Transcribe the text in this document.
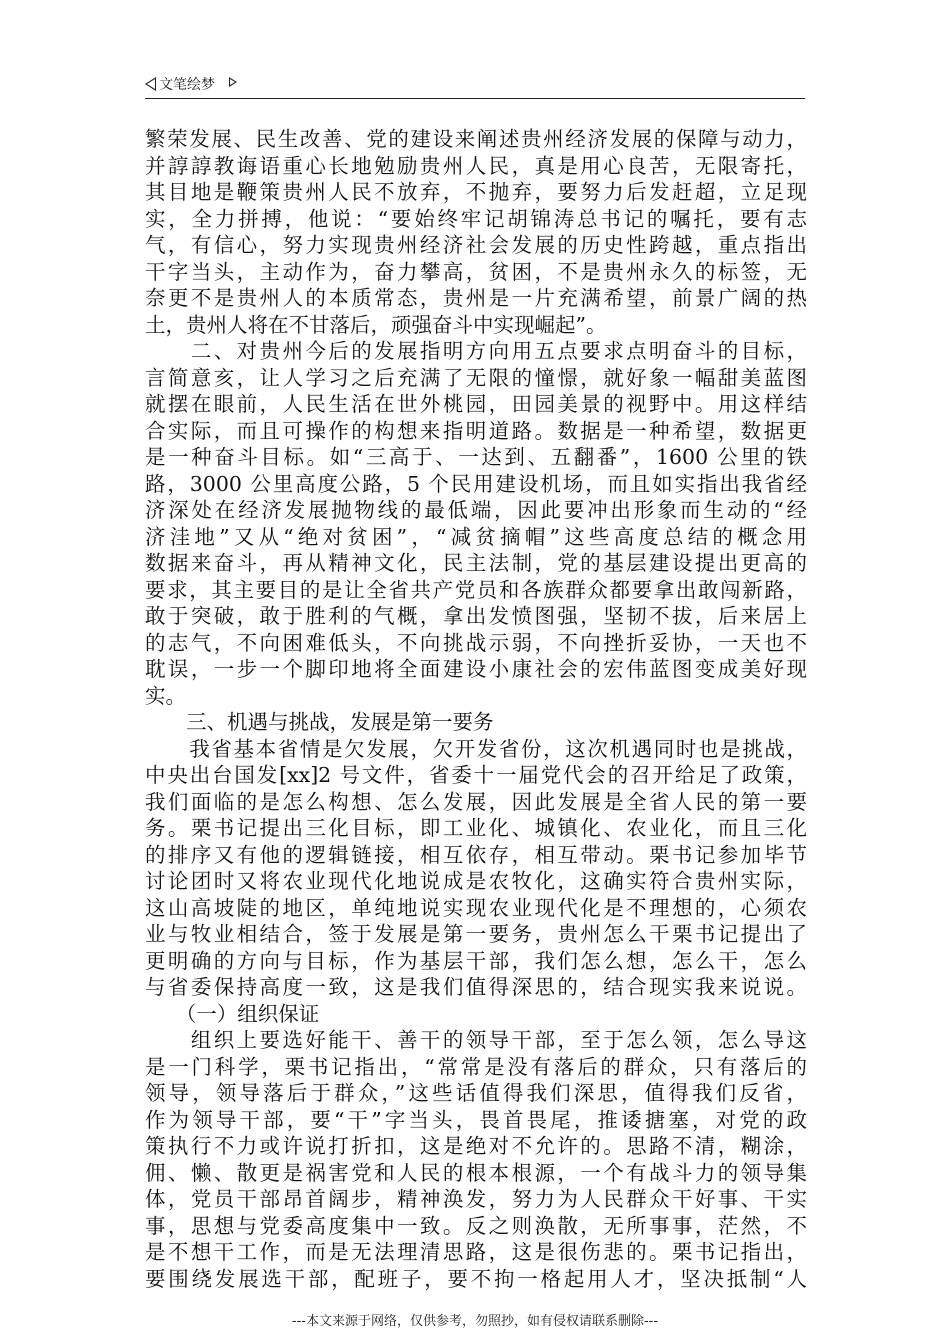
文笔绘梦
繁荣发展、民生改善、党的建设来阐述贵州经济发展的保障与动力，
并諄諄教诲语重心长地勉励贵州人民，真是用心良苦，无限寄托，
其目地是鞭策贵州人民不放弃，不抛弃，要努力后发赶超，立足现
实，全力拼搏，他说：“要始终牢记胡锦涛总书记的嘱托，要有志
气，有信心，努力实现贵州经济社会发展的历史性跨越，重点指出
干字当头，主动作为，奋力攀高，贫困，不是贵州永久的标签，无
奈更不是贵州人的本质常态，贵州是一片充满希望，前景广阔的热
土，贵州人将在不甘落后，顽强奋斗中实现崛起”。
　　二、对贵州今后的发展指明方向用五点要求点明奋斗的目标，
言简意亥，让人学习之后充满了无限的憧憬，就好象一幅甜美蓝图
就摆在眼前，人民生活在世外桃园，田园美景的视野中。用这样结
合实际，而且可操作的构想来指明道路。数据是一种希望，数据更
是一种奋斗目标。如“三高于、一达到、五翻番”，1600 公里的铁
路，3000 公里高度公路，5 个民用建设机场，而且如实指出我省经
济深处在经济发展抛物线的最低端，因此要冲出形象而生动的“经
济洼地”又从“绝对贫困”，“减贫摘帽”这些高度总结的概念用
数据来奋斗，再从精神文化，民主法制，党的基层建设提出更高的
要求，其主要目的是让全省共产党员和各族群众都要拿出敢闯新路，
敢于突破，敢于胜利的气概，拿出发愤图强，坚韧不拔，后来居上
的志气，不向困难低头，不向挑战示弱，不向挫折妥协，一天也不
耽误，一步一个脚印地将全面建设小康社会的宏伟蓝图变成美好现
实。
　　三、机遇与挑战，发展是第一要务
　　我省基本省情是欠发展，欠开发省份，这次机遇同时也是挑战，
中央出台国发[xx]2 号文件，省委十一届党代会的召开给足了政策，
我们面临的是怎么构想、怎么发展，因此发展是全省人民的第一要
务。栗书记提出三化目标，即工业化、城镇化、农业化，而且三化
的排序又有他的逻辑链接，相互依存，相互带动。栗书记参加毕节
讨论团时又将农业现代化地说成是农牧化，这确实符合贵州实际，
这山高坡陡的地区，单纯地说实现农业现代化是不理想的，心须农
业与牧业相结合，签于发展是第一要务，贵州怎么干栗书记提出了
更明确的方向与目标，作为基层干部，我们怎么想，怎么干，怎么
与省委保持高度一致，这是我们值得深思的，结合现实我来说说。
　　（一）组织保证
　　组织上要选好能干、善干的领导干部，至于怎么领，怎么导这
是一门科学，栗书记指出，“常常是没有落后的群众，只有落后的
领导，领导落后于群众，”这些话值得我们深思，值得我们反省，
作为领导干部，要“干”字当头，畏首畏尾，推诿搪塞，对党的政
策执行不力或许说打折扣，这是绝对不允许的。思路不清，糊涂，
佣、懒、散更是祸害党和人民的根本根源，一个有战斗力的领导集
体，党员干部昂首阔步，精神涣发，努力为人民群众干好事、干实
事，思想与党委高度集中一致。反之则涣散，无所事事，茫然，不
是不想干工作，而是无法理清思路，这是很伤悲的。栗书记指出，
要围绕发展选干部，配班子，要不拘一格起用人才，坚决抵制“人
---本文来源于网络，仅供参考，勿照抄，如有侵权请联系删除---
